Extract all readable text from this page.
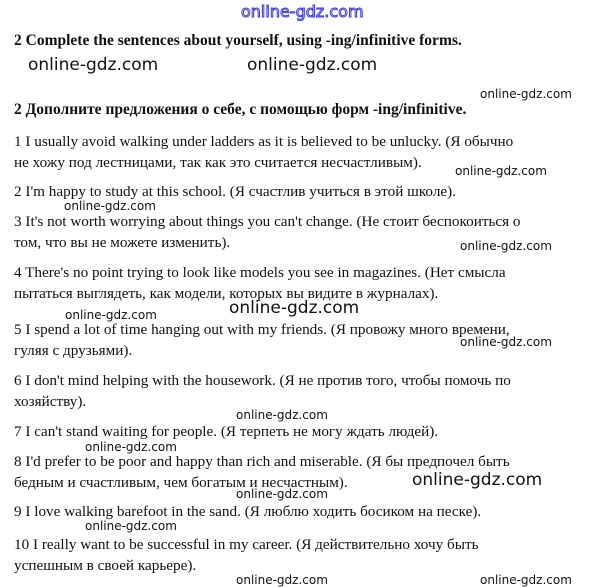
online-gdz.com
2 Complete the sentences about yourself, using -ing/infinitive forms.
online-gdz.com	online-gdz.com
online-gdz.com
2 Дополните предложения о себе, с помощью форм -ing/infinitive.
1 I usually avoid walking under ladders as it is believed to be unlucky. (Я обычно
не хожу под лестницами, так как это считается несчастливым).	online-gdz.com
2 I'm happy to study at this school. (Я счастлив учиться в этой школе).
online-gdz.com
3 It's not worth worrying about things you can't change. (Не стоит беспокоиться о
том, что вы не можете изменить).	online-gdz.com
4 There's no point trying to look like models you see in magazines. (Нет смысла
пытаться выглядеть, как модели, которых вы видите в журналах).
online-gdz.com	online-gdz.com
5 I spend a lot of time hanging out with my friends. (Я провожу много времени,
гуляя с друзьями).	online-gdz.com
6 I don't mind helping with the housework. (Я не против того, чтобы помочь по
хозяйству).
online-gdz.com
7 I can't stand waiting for people. (Я терпеть не могу ждать людей).
online-gdz.com
8 I'd prefer to be poor and happy than rich and miserable. (Я бы предпочел быть
бедным и счастливым, чем богатым и несчастным).	online-gdz.com
online-gdz.com
9 I love walking barefoot in the sand. (Я люблю ходить босиком на песке).
online-gdz.com
10 I really want to be successful in my career. (Я действительно хочу быть
успешным в своей карьере).
online-gdz.com	online-gdz.com
